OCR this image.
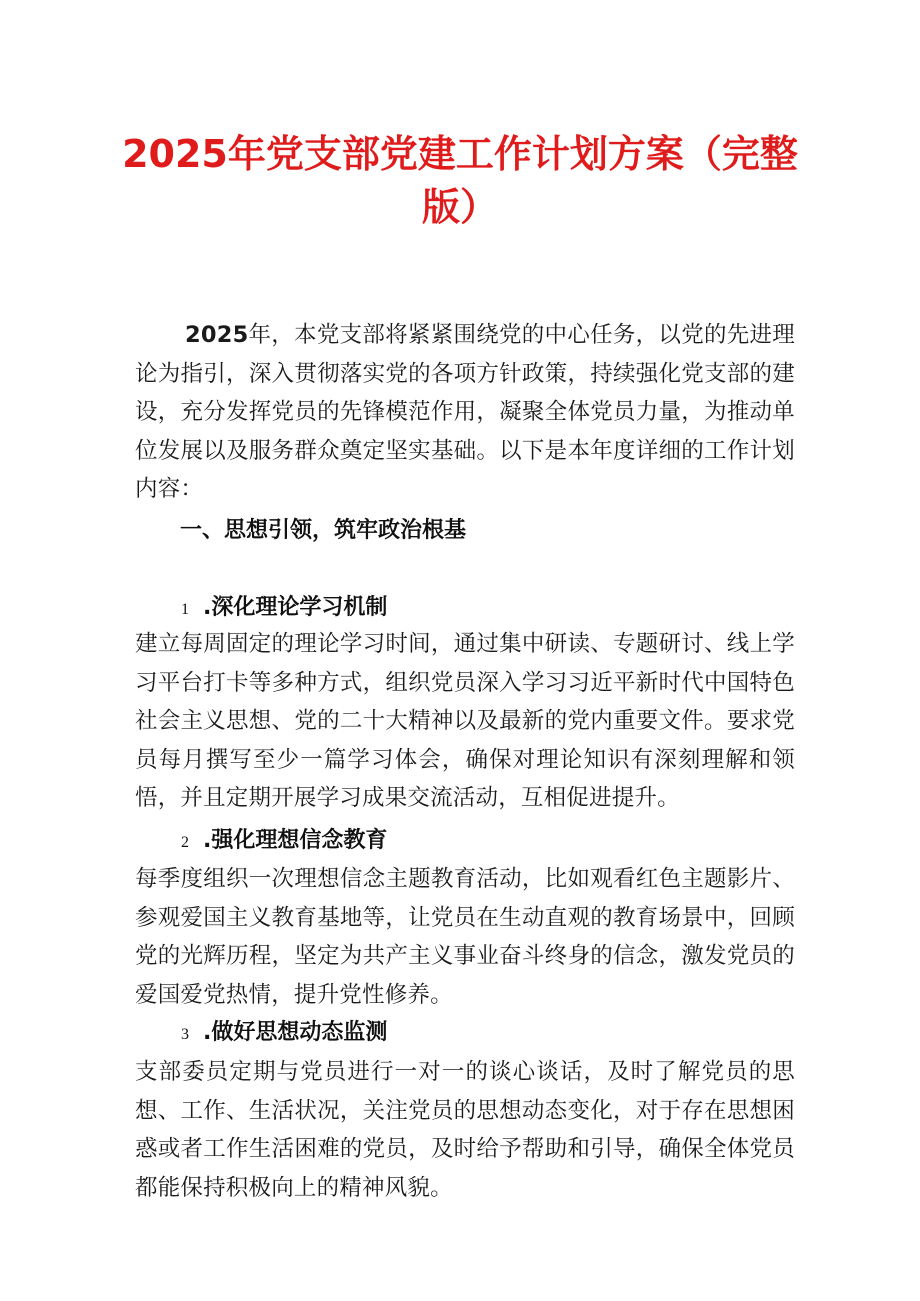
2025年党支部党建工作计划方案（完整
版）
2025年，本党支部将紧紧围绕党的中心任务，以党的先进理论为指引，深入贯彻落实党的各项方针政策，持续强化党支部的建设，充分发挥党员的先锋模范作用，凝聚全体党员力量，为推动单位发展以及服务群众奠定坚实基础。以下是本年度详细的工作计划内容：
一、思想引领，筑牢政治根基
1 .深化理论学习机制
建立每周固定的理论学习时间，通过集中研读、专题研讨、线上学习平台打卡等多种方式，组织党员深入学习习近平新时代中国特色社会主义思想、党的二十大精神以及最新的党内重要文件。要求党员每月撰写至少一篇学习体会，确保对理论知识有深刻理解和领悟，并且定期开展学习成果交流活动，互相促进提升。
2 .强化理想信念教育
每季度组织一次理想信念主题教育活动，比如观看红色主题影片、参观爱国主义教育基地等，让党员在生动直观的教育场景中，回顾党的光辉历程，坚定为共产主义事业奋斗终身的信念，激发党员的爱国爱党热情，提升党性修养。
3 .做好思想动态监测
支部委员定期与党员进行一对一的谈心谈话，及时了解党员的思想、工作、生活状况，关注党员的思想动态变化，对于存在思想困惑或者工作生活困难的党员，及时给予帮助和引导，确保全体党员都能保持积极向上的精神风貌。
